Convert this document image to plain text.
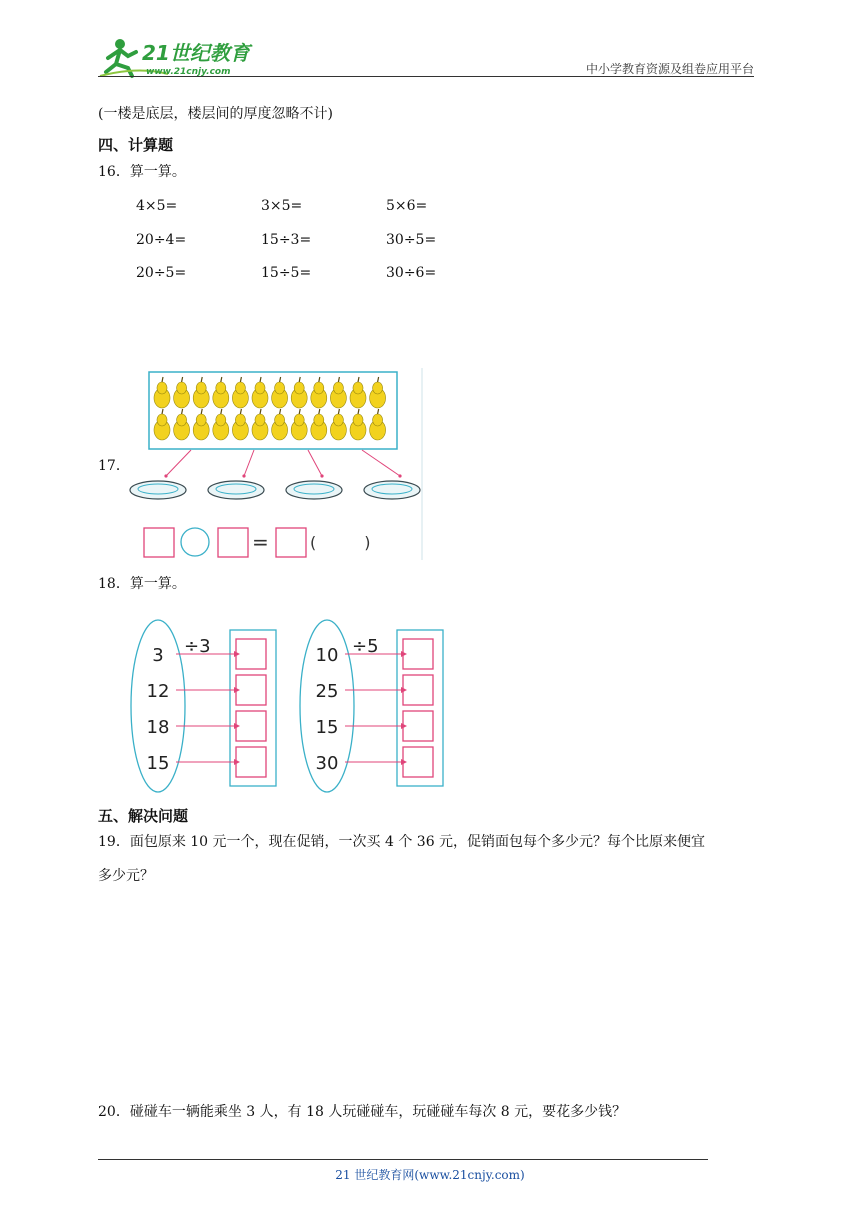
21世纪教育
www.21cnjy.com	中小学教育资源及组卷应用平台
(一楼是底层，楼层间的厚度忽略不计)
四、计算题
16．算一算。
4×5=	3×5=	5×6=
20÷4=	15÷3=	30÷5=
20÷5=	15÷5=	30÷6=
17．
=	(　　　)
18．算一算。
÷3
3
12
18
15
÷5
10
25
15
30
五、解决问题
19．面包原来 10 元一个，现在促销，一次买 4 个 36 元，促销面包每个多少元？每个比原来便宜
多少元？
20．碰碰车一辆能乘坐 3 人，有 18 人玩碰碰车，玩碰碰车每次 8 元，要花多少钱？
21 世纪教育网(www.21cnjy.com)
